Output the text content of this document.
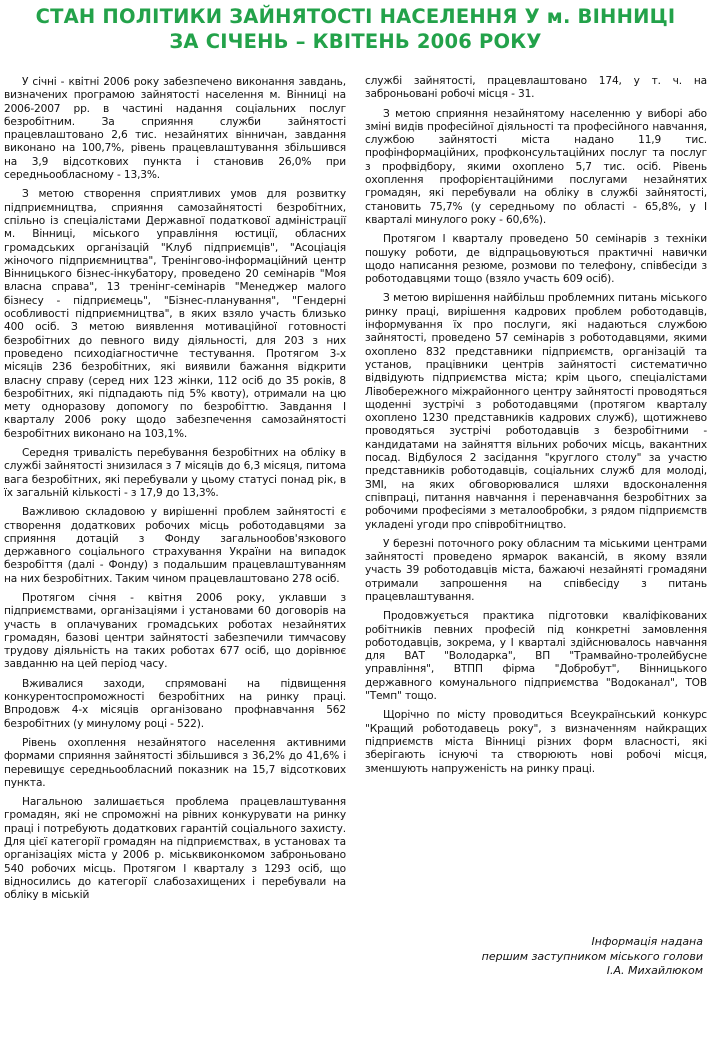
СТАН ПОЛІТИКИ ЗАЙНЯТОСТІ НАСЕЛЕННЯ У м. ВІННИЦІ
ЗА СІЧЕНЬ – КВІТЕНЬ 2006 РОКУ

У січні - квітні 2006 року забезпечено виконання завдань, визначених програмою зайнятості населення м. Вінниці на 2006-2007 рр. в частині надання соціальних послуг безробітним. За сприяння служби зайнятості працевлаштовано 2,6 тис. незайнятих вінничан, завдання виконано на 100,7%, рівень працевлаштування збільшився на 3,9 відсоткових пункта і становив 26,0% при середньообласному - 13,3%.

З метою створення сприятливих умов для розвитку підприємництва, сприяння самозайнятості безробітних, спільно із спеціалістами Державної податкової адміністрації м. Вінниці, міського управління юстиції, обласних громадських організацій "Клуб підприємців", "Асоціація жіночого підприємництва", Тренінгово-інформаційний центр Вінницького бізнес-інкубатору, проведено 20 семінарів "Моя власна справа", 13 тренінг-семінарів "Менеджер малого бізнесу - підприємець", "Бізнес-планування", "Гендерні особливості підприємництва", в яких взяло участь близько 400 осіб. З метою виявлення мотиваційної готовності безробітних до певного виду діяльності, для 203 з них проведено психодіагностичне тестування. Протягом 3-х місяців 236 безробітних, які виявили бажання відкрити власну справу (серед них 123 жінки, 112 осіб до 35 років, 8 безробітних, які підпадають під 5% квоту), отримали на цю мету одноразову допомогу по безробіттю. Завдання І кварталу 2006 року щодо забезпечення самозайнятості безробітних виконано на 103,1%.

Середня тривалість перебування безробітних на обліку в службі зайнятості знизилася з 7 місяців до 6,3 місяця, питома вага безробітних, які перебували у цьому статусі понад рік, в їх загальній кількості - з 17,9 до 13,3%.

Важливою складовою у вирішенні проблем зайнятості є створення додаткових робочих місць роботодавцями за сприяння дотацій з Фонду загальнообов'язкового державного соціального страхування України на випадок безробіття (далі - Фонду) з подальшим працевлаштуванням на них безробітних. Таким чином працевлаштовано 278 осіб.

Протягом січня - квітня 2006 року, уклавши з підприємствами, організаціями і установами 60 договорів на участь в оплачуваних громадських роботах незайнятих громадян, базові центри зайнятості забезпечили тимчасову трудову діяльність на таких роботах 677 осіб, що дорівнює завданню на цей період часу.

Вживалися заходи, спрямовані на підвищення конкурентоспроможності безробітних на ринку праці. Впродовж 4-х місяців організовано профнавчання 562 безробітних (у минулому році - 522).

Рівень охоплення незайнятого населення активними формами сприяння зайнятості збільшився з 36,2% до 41,6% і перевищує середньообласний показник на 15,7 відсоткових пункта.

Нагальною залишається проблема працевлаштування громадян, які не спроможні на рівних конкурувати на ринку праці і потребують додаткових гарантій соціального захисту. Для цієї категорії громадян на підприємствах, в установах та організаціях міста у 2006 р. міськвиконкомом заброньовано 540 робочих місць. Протягом І кварталу з 1293 осіб, що відносились до категорії слабозахищених і перебували на обліку в міській

службі зайнятості, працевлаштовано 174, у т. ч. на заброньовані робочі місця - 31.

З метою сприяння незайнятому населенню у виборі або зміні видів професійної діяльності та професійного навчання, службою зайнятості міста надано 11,9 тис. профінформаційних, профконсультаційних послуг та послуг з профвідбору, якими охоплено 5,7 тис. осіб. Рівень охоплення профорієнтаційними послугами незайнятих громадян, які перебували на обліку в службі зайнятості, становить 75,7% (у середньому по області - 65,8%, у І кварталі минулого року - 60,6%).

Протягом І кварталу проведено 50 семінарів з техніки пошуку роботи, де відпрацьовуються практичні навички щодо написання резюме, розмови по телефону, співбесіди з роботодавцями тощо (взяло участь 609 осіб).

З метою вирішення найбільш проблемних питань міського ринку праці, вирішення кадрових проблем роботодавців, інформування їх про послуги, які надаються службою зайнятості, проведено 57 семінарів з роботодавцями, якими охоплено 832 представники підприємств, організацій та установ, працівники центрів зайнятості систематично відвідують підприємства міста; крім цього, спеціалістами Лівобережного міжрайонного центру зайнятості проводяться щоденні зустрічі з роботодавцями (протягом кварталу охоплено 1230 представників кадрових служб), щотижнево проводяться зустрічі роботодавців з безробітними - кандидатами на зайняття вільних робочих місць, вакантних посад. Відбулося 2 засідання "круглого столу" за участю представників роботодавців, соціальних служб для молоді, ЗМІ, на яких обговорювалися шляхи вдосконалення співпраці, питання навчання і перенавчання безробітних за робочими професіями з металообробки, з рядом підприємств укладені угоди про співробітництво.

У березні поточного року обласним та міськими центрами зайнятості проведено ярмарок вакансій, в якому взяли участь 39 роботодавців міста, бажаючі незайняті громадяни отримали запрошення на співбесіду з питань працевлаштування.

Продовжується практика підготовки кваліфікованих робітників певних професій під конкретні замовлення роботодавців, зокрема, у І кварталі здійснювалось навчання для ВАТ "Володарка", ВП "Трамвайно-тролейбусне управління", ВТПП фірма "Добробут", Вінницького державного комунального підприємства "Водоканал", ТОВ "Темп" тощо.

Щорічно по місту проводиться Всеукраїнський конкурс "Кращий роботодавець року", з визначенням найкращих підприємств міста Вінниці різних форм власності, які зберігають існуючі та створюють нові робочі місця, зменшують напруженість на ринку праці.

Інформація надана
першим заступником міського голови
І.А. Михайлюком
